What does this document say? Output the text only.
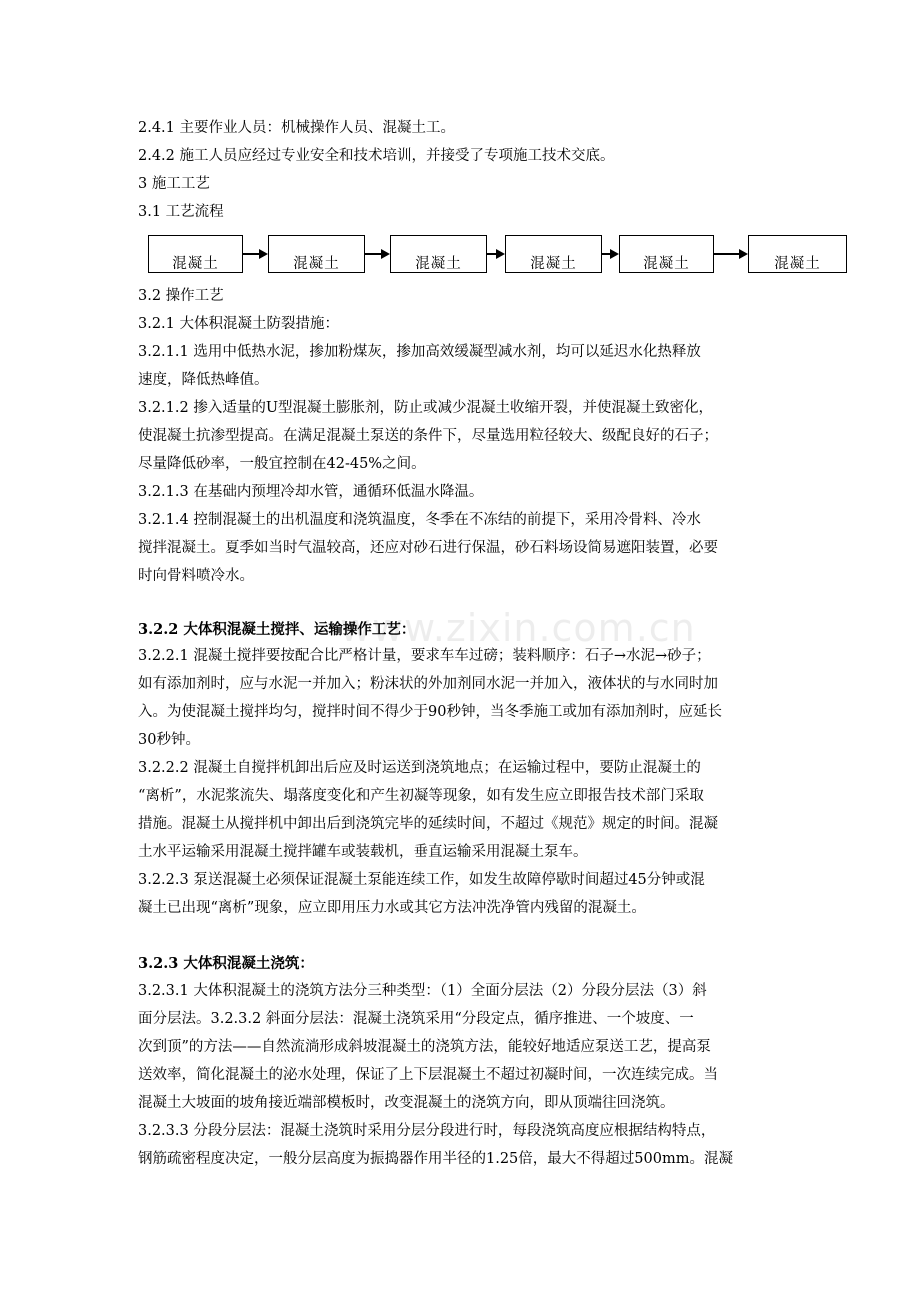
2.4.1 主要作业人员：机械操作人员、混凝土工。
2.4.2 施工人员应经过专业安全和技术培训，并接受了专项施工技术交底。
3 施工工艺
3.1 工艺流程
混凝土	混凝土	混凝土	混凝土	混凝土	混凝土
3.2 操作工艺
3.2.1 大体积混凝土防裂措施：
3.2.1.1 选用中低热水泥，掺加粉煤灰，掺加高效缓凝型减水剂，均可以延迟水化热释放
速度，降低热峰值。
3.2.1.2 掺入适量的U型混凝土膨胀剂，防止或减少混凝土收缩开裂，并使混凝土致密化，
使混凝土抗渗型提高。在满足混凝土泵送的条件下，尽量选用粒径较大、级配良好的石子；
尽量降低砂率，一般宜控制在42-45%之间。
3.2.1.3 在基础内预埋冷却水管，通循环低温水降温。
3.2.1.4 控制混凝土的出机温度和浇筑温度，冬季在不冻结的前提下，采用冷骨料、冷水
搅拌混凝土。夏季如当时气温较高，还应对砂石进行保温，砂石料场设简易遮阳装置，必要
时向骨料喷冷水。
3.2.2 大体积混凝土搅拌、运输操作工艺：
3.2.2.1 混凝土搅拌要按配合比严格计量，要求车车过磅；装料顺序：石子→水泥→砂子；
如有添加剂时，应与水泥一并加入；粉沫状的外加剂同水泥一并加入，液体状的与水同时加
入。为使混凝土搅拌均匀，搅拌时间不得少于90秒钟，当冬季施工或加有添加剂时，应延长
30秒钟。
3.2.2.2 混凝土自搅拌机卸出后应及时运送到浇筑地点；在运输过程中，要防止混凝土的
“离析”，水泥浆流失、塌落度变化和产生初凝等现象，如有发生应立即报告技术部门采取
措施。混凝土从搅拌机中卸出后到浇筑完毕的延续时间，不超过《规范》规定的时间。混凝
土水平运输采用混凝土搅拌罐车或装载机，垂直运输采用混凝土泵车。
3.2.2.3 泵送混凝土必须保证混凝土泵能连续工作，如发生故障停歇时间超过45分钟或混
凝土已出现“离析”现象，应立即用压力水或其它方法冲洗净管内残留的混凝土。
3.2.3 大体积混凝土浇筑：
3.2.3.1 大体积混凝土的浇筑方法分三种类型：（1）全面分层法（2）分段分层法（3）斜
面分层法。3.2.3.2 斜面分层法：混凝土浇筑采用“分段定点，循序推进、一个坡度、一
次到顶”的方法——自然流淌形成斜坡混凝土的浇筑方法，能较好地适应泵送工艺，提高泵
送效率，简化混凝土的泌水处理，保证了上下层混凝土不超过初凝时间，一次连续完成。当
混凝土大坡面的坡角接近端部模板时，改变混凝土的浇筑方向，即从顶端往回浇筑。
3.2.3.3 分段分层法：混凝土浇筑时采用分层分段进行时，每段浇筑高度应根据结构特点，
钢筋疏密程度决定，一般分层高度为振捣器作用半径的1.25倍，最大不得超过500mm。混凝
www.zixin.com.cn
